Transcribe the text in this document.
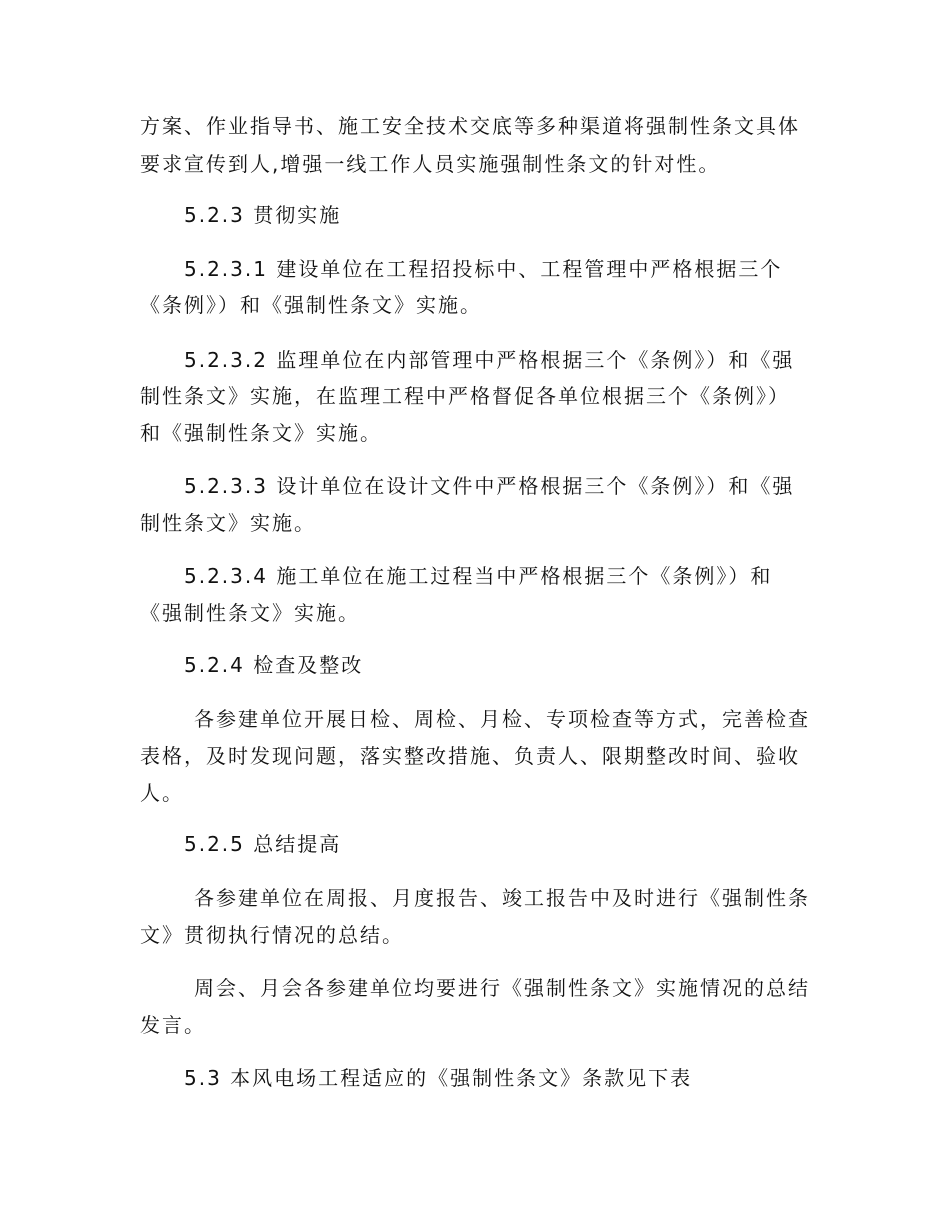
方案、作业指导书、施工安全技术交底等多种渠道将强制性条文具体
要求宣传到人,增强一线工作人员实施强制性条文的针对性。
5.2.3 贯彻实施
5.2.3.1 建设单位在工程招投标中、工程管理中严格根据三个
《条例》）和《强制性条文》实施。
5.2.3.2 监理单位在内部管理中严格根据三个《条例》）和《强
制性条文》实施，在监理工程中严格督促各单位根据三个《条例》）
和《强制性条文》实施。
5.2.3.3 设计单位在设计文件中严格根据三个《条例》）和《强
制性条文》实施。
5.2.3.4 施工单位在施工过程当中严格根据三个《条例》）和
《强制性条文》实施。
5.2.4 检查及整改
各参建单位开展日检、周检、月检、专项检查等方式，完善检查
表格，及时发现问题，落实整改措施、负责人、限期整改时间、验收
人。
5.2.5 总结提高
各参建单位在周报、月度报告、竣工报告中及时进行《强制性条
文》贯彻执行情况的总结。
周会、月会各参建单位均要进行《强制性条文》实施情况的总结
发言。
5.3 本风电场工程适应的《强制性条文》条款见下表
